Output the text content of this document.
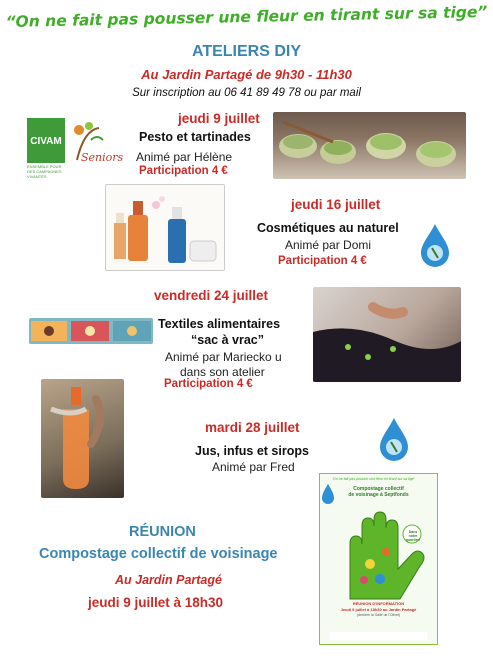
“On ne fait pas pousser une fleur en tirant sur sa tige”
ATELIERS DIY
Au Jardin Partagé de 9h30 - 11h30
Sur inscription au 06 41 89 49 78 ou par mail
CIVAM
ENSEMBLE POUR DES CAMPAGNES VIVANTES
Seniors
jeudi 9 juillet
Pesto et tartinades
Animé par Hélène
Participation 4 €
jeudi 16 juillet
Cosmétiques au naturel
Animé par Domi
Participation 4 €
vendredi 24 juillet
Textiles alimentaires
“sac à vrac”
Animé par Mariecko u
dans son atelier
Participation 4 €
mardi 28 juillet
Jus, infus et sirops
Animé par Fred
RÉUNION
Compostage collectif de voisinage
Au Jardin Partagé
jeudi 9 juillet à 18h30
“On ne fait pas pousser une fleur en tirant sur sa tige”
Compostage collectif
de voisinage à Septfonds
Dans notre quartier!
RÉUNION D'INFORMATION
Jeudi 9 juillet à 18h30 au Jardin Partagé
(derrière la Salle de l'Olivet)
